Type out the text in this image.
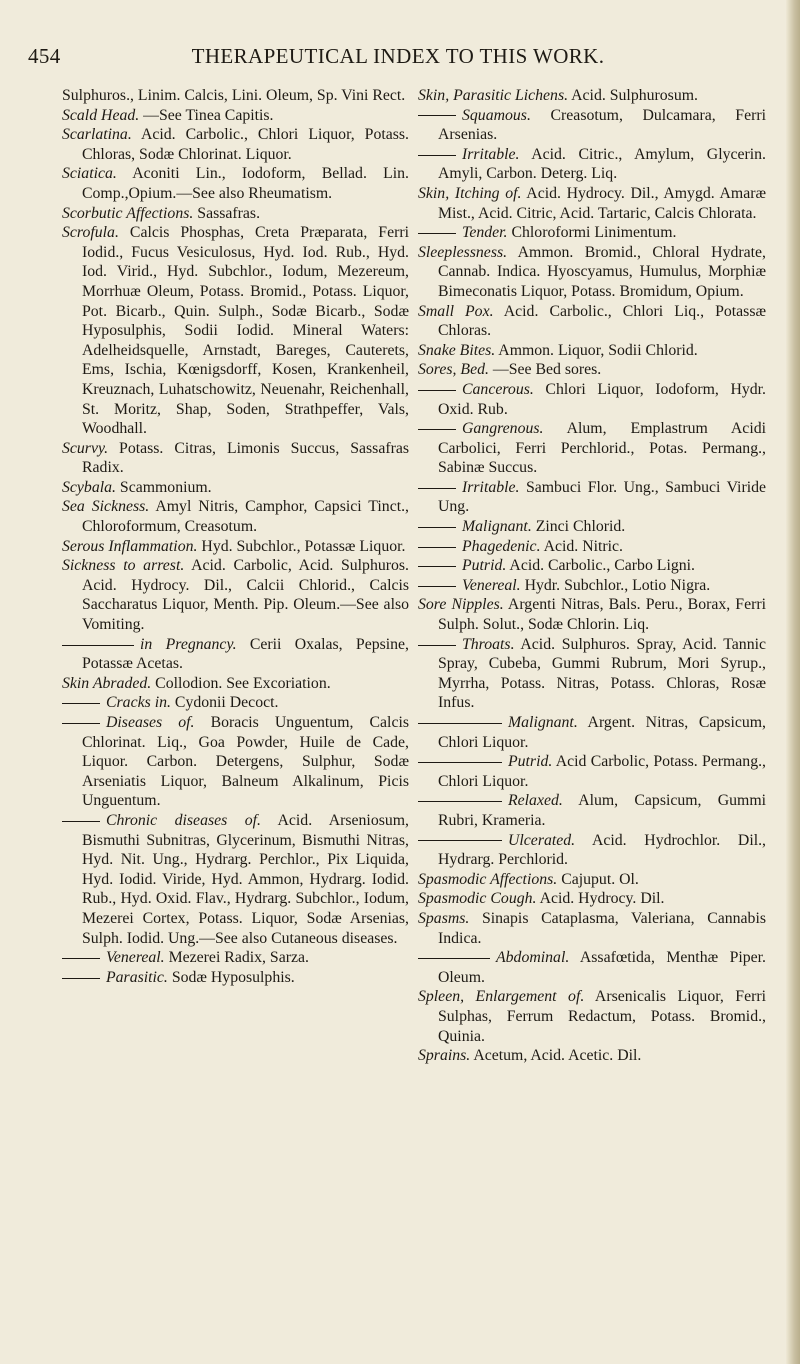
454	THERAPEUTICAL INDEX TO THIS WORK.
Sulphuros., Linim. Calcis, Lini. Oleum, Sp. Vini Rect.
Scald Head. —See Tinea Capitis.
Scarlatina. Acid. Carbolic., Chlori Liquor, Potass. Chloras, Sodæ Chlorinat. Liquor.
Sciatica. Aconiti Lin., Iodoform, Bellad. Lin. Comp.,Opium.—See also Rheumatism.
Scorbutic Affections. Sassafras.
Scrofula. Calcis Phosphas, Creta Præparata, Ferri Iodid., Fucus Vesiculosus, Hyd. Iod. Rub., Hyd. Iod. Virid., Hyd. Subchlor., Iodum, Mezereum, Morrhuæ Oleum, Potass. Bromid., Potass. Liquor, Pot. Bicarb., Quin. Sulph., Sodæ Bicarb., Sodæ Hyposulphis, Sodii Iodid. Mineral Waters: Adelheidsquelle, Arnstadt, Bareges, Cauterets, Ems, Ischia, Kœnigsdorff, Kosen, Krankenheil, Kreuznach, Luhatschowitz, Neuenahr, Reichenhall, St. Moritz, Shap, Soden, Strathpeffer, Vals, Woodhall.
Scurvy. Potass. Citras, Limonis Succus, Sassafras Radix.
Scybala. Scammonium.
Sea Sickness. Amyl Nitris, Camphor, Capsici Tinct., Chloroformum, Creasotum.
Serous Inflammation. Hyd. Subchlor., Potassæ Liquor.
Sickness to arrest. Acid. Carbolic, Acid. Sulphuros. Acid. Hydrocy. Dil., Calcii Chlorid., Calcis Saccharatus Liquor, Menth. Pip. Oleum.—See also Vomiting.
in Pregnancy. Cerii Oxalas, Pepsine, Potassæ Acetas.
Skin Abraded. Collodion. See Excoriation.
Cracks in. Cydonii Decoct.
Diseases of. Boracis Unguentum, Calcis Chlorinat. Liq., Goa Powder, Huile de Cade, Liquor. Carbon. Detergens, Sulphur, Sodæ Arseniatis Liquor, Balneum Alkalinum, Picis Unguentum.
Chronic diseases of. Acid. Arseniosum, Bismuthi Subnitras, Glycerinum, Bismuthi Nitras, Hyd. Nit. Ung., Hydrarg. Perchlor., Pix Liquida, Hyd. Iodid. Viride, Hyd. Ammon, Hydrarg. Iodid. Rub., Hyd. Oxid. Flav., Hydrarg. Subchlor., Iodum, Mezerei Cortex, Potass. Liquor, Sodæ Arsenias, Sulph. Iodid. Ung.—See also Cutaneous diseases.
Venereal. Mezerei Radix, Sarza.
Parasitic. Sodæ Hyposulphis.
Skin, Parasitic Lichens. Acid. Sulphurosum.
Squamous. Creasotum, Dulcamara, Ferri Arsenias.
Irritable. Acid. Citric., Amylum, Glycerin. Amyli, Carbon. Deterg. Liq.
Skin, Itching of. Acid. Hydrocy. Dil., Amygd. Amaræ Mist., Acid. Citric, Acid. Tartaric, Calcis Chlorata.
Tender. Chloroformi Linimentum.
Sleeplessness. Ammon. Bromid., Chloral Hydrate, Cannab. Indica. Hyoscyamus, Humulus, Morphiæ Bimeconatis Liquor, Potass. Bromidum, Opium.
Small Pox. Acid. Carbolic., Chlori Liq., Potassæ Chloras.
Snake Bites. Ammon. Liquor, Sodii Chlorid.
Sores, Bed. —See Bed sores.
Cancerous. Chlori Liquor, Iodoform, Hydr. Oxid. Rub.
Gangrenous. Alum, Emplastrum Acidi Carbolici, Ferri Perchlorid., Potas. Permang., Sabinæ Succus.
Irritable. Sambuci Flor. Ung., Sambuci Viride Ung.
Malignant. Zinci Chlorid.
Phagedenic. Acid. Nitric.
Putrid. Acid. Carbolic., Carbo Ligni.
Venereal. Hydr. Subchlor., Lotio Nigra.
Sore Nipples. Argenti Nitras, Bals. Peru., Borax, Ferri Sulph. Solut., Sodæ Chlorin. Liq.
Throats. Acid. Sulphuros. Spray, Acid. Tannic Spray, Cubeba, Gummi Rubrum, Mori Syrup., Myrrha, Potass. Nitras, Potass. Chloras, Rosæ Infus.
Malignant. Argent. Nitras, Capsicum, Chlori Liquor.
Putrid. Acid Carbolic, Potass. Permang., Chlori Liquor.
Relaxed. Alum, Capsicum, Gummi Rubri, Krameria.
Ulcerated. Acid. Hydrochlor. Dil., Hydrarg. Perchlorid.
Spasmodic Affections. Cajuput. Ol.
Spasmodic Cough. Acid. Hydrocy. Dil.
Spasms. Sinapis Cataplasma, Valeriana, Cannabis Indica.
Abdominal. Assafœtida, Menthæ Piper. Oleum.
Spleen, Enlargement of. Arsenicalis Liquor, Ferri Sulphas, Ferrum Redactum, Potass. Bromid., Quinia.
Sprains. Acetum, Acid. Acetic. Dil.
